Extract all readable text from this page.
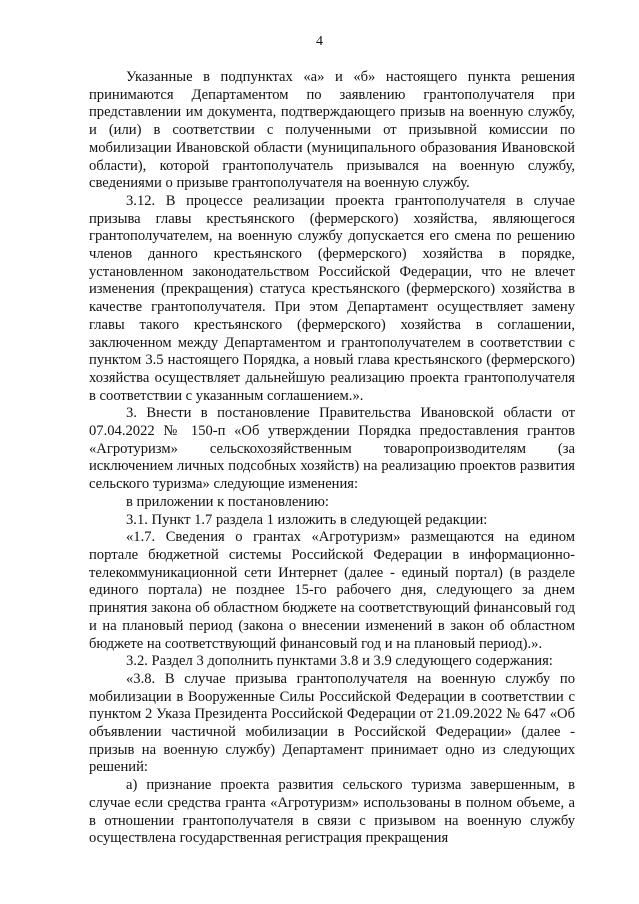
4

Указанные в подпунктах «а» и «б» настоящего пункта решения принимаются Департаментом по заявлению грантополучателя при представлении им документа, подтверждающего призыв на военную службу, и (или) в соответствии с полученными от призывной комиссии по мобилизации Ивановской области (муниципального образования Ивановской области), которой грантополучатель призывался на военную службу, сведениями о призыве грантополучателя на военную службу.

3.12. В процессе реализации проекта грантополучателя в случае призыва главы крестьянского (фермерского) хозяйства, являющегося грантополучателем, на военную службу допускается его смена по решению членов данного крестьянского (фермерского) хозяйства в порядке, установленном законодательством Российской Федерации, что не влечет изменения (прекращения) статуса крестьянского (фермерского) хозяйства в качестве грантополучателя. При этом Департамент осуществляет замену главы такого крестьянского (фермерского) хозяйства в соглашении, заключенном между Департаментом и грантополучателем в соответствии с пунктом 3.5 настоящего Порядка, а новый глава крестьянского (фермерского) хозяйства осуществляет дальнейшую реализацию проекта грантополучателя в соответствии с указанным соглашением.».

3. Внести в постановление Правительства Ивановской области от 07.04.2022 № 150-п «Об утверждении Порядка предоставления грантов «Агротуризм» сельскохозяйственным товаропроизводителям (за исключением личных подсобных хозяйств) на реализацию проектов развития сельского туризма» следующие изменения:

в приложении к постановлению:

3.1. Пункт 1.7 раздела 1 изложить в следующей редакции:

«1.7. Сведения о грантах «Агротуризм» размещаются на едином портале бюджетной системы Российской Федерации в информационно-телекоммуникационной сети Интернет (далее - единый портал) (в разделе единого портала) не позднее 15-го рабочего дня, следующего за днем принятия закона об областном бюджете на соответствующий финансовый год и на плановый период (закона о внесении изменений в закон об областном бюджете на соответствующий финансовый год и на плановый период).».

3.2. Раздел 3 дополнить пунктами 3.8 и 3.9 следующего содержания:

«3.8. В случае призыва грантополучателя на военную службу по мобилизации в Вооруженные Силы Российской Федерации в соответствии с пунктом 2 Указа Президента Российской Федерации от 21.09.2022 № 647 «Об объявлении частичной мобилизации в Российской Федерации» (далее - призыв на военную службу) Департамент принимает одно из следующих решений:

а) признание проекта развития сельского туризма завершенным, в случае если средства гранта «Агротуризм» использованы в полном объеме, а в отношении грантополучателя в связи с призывом на военную службу осуществлена государственная регистрация прекращения
